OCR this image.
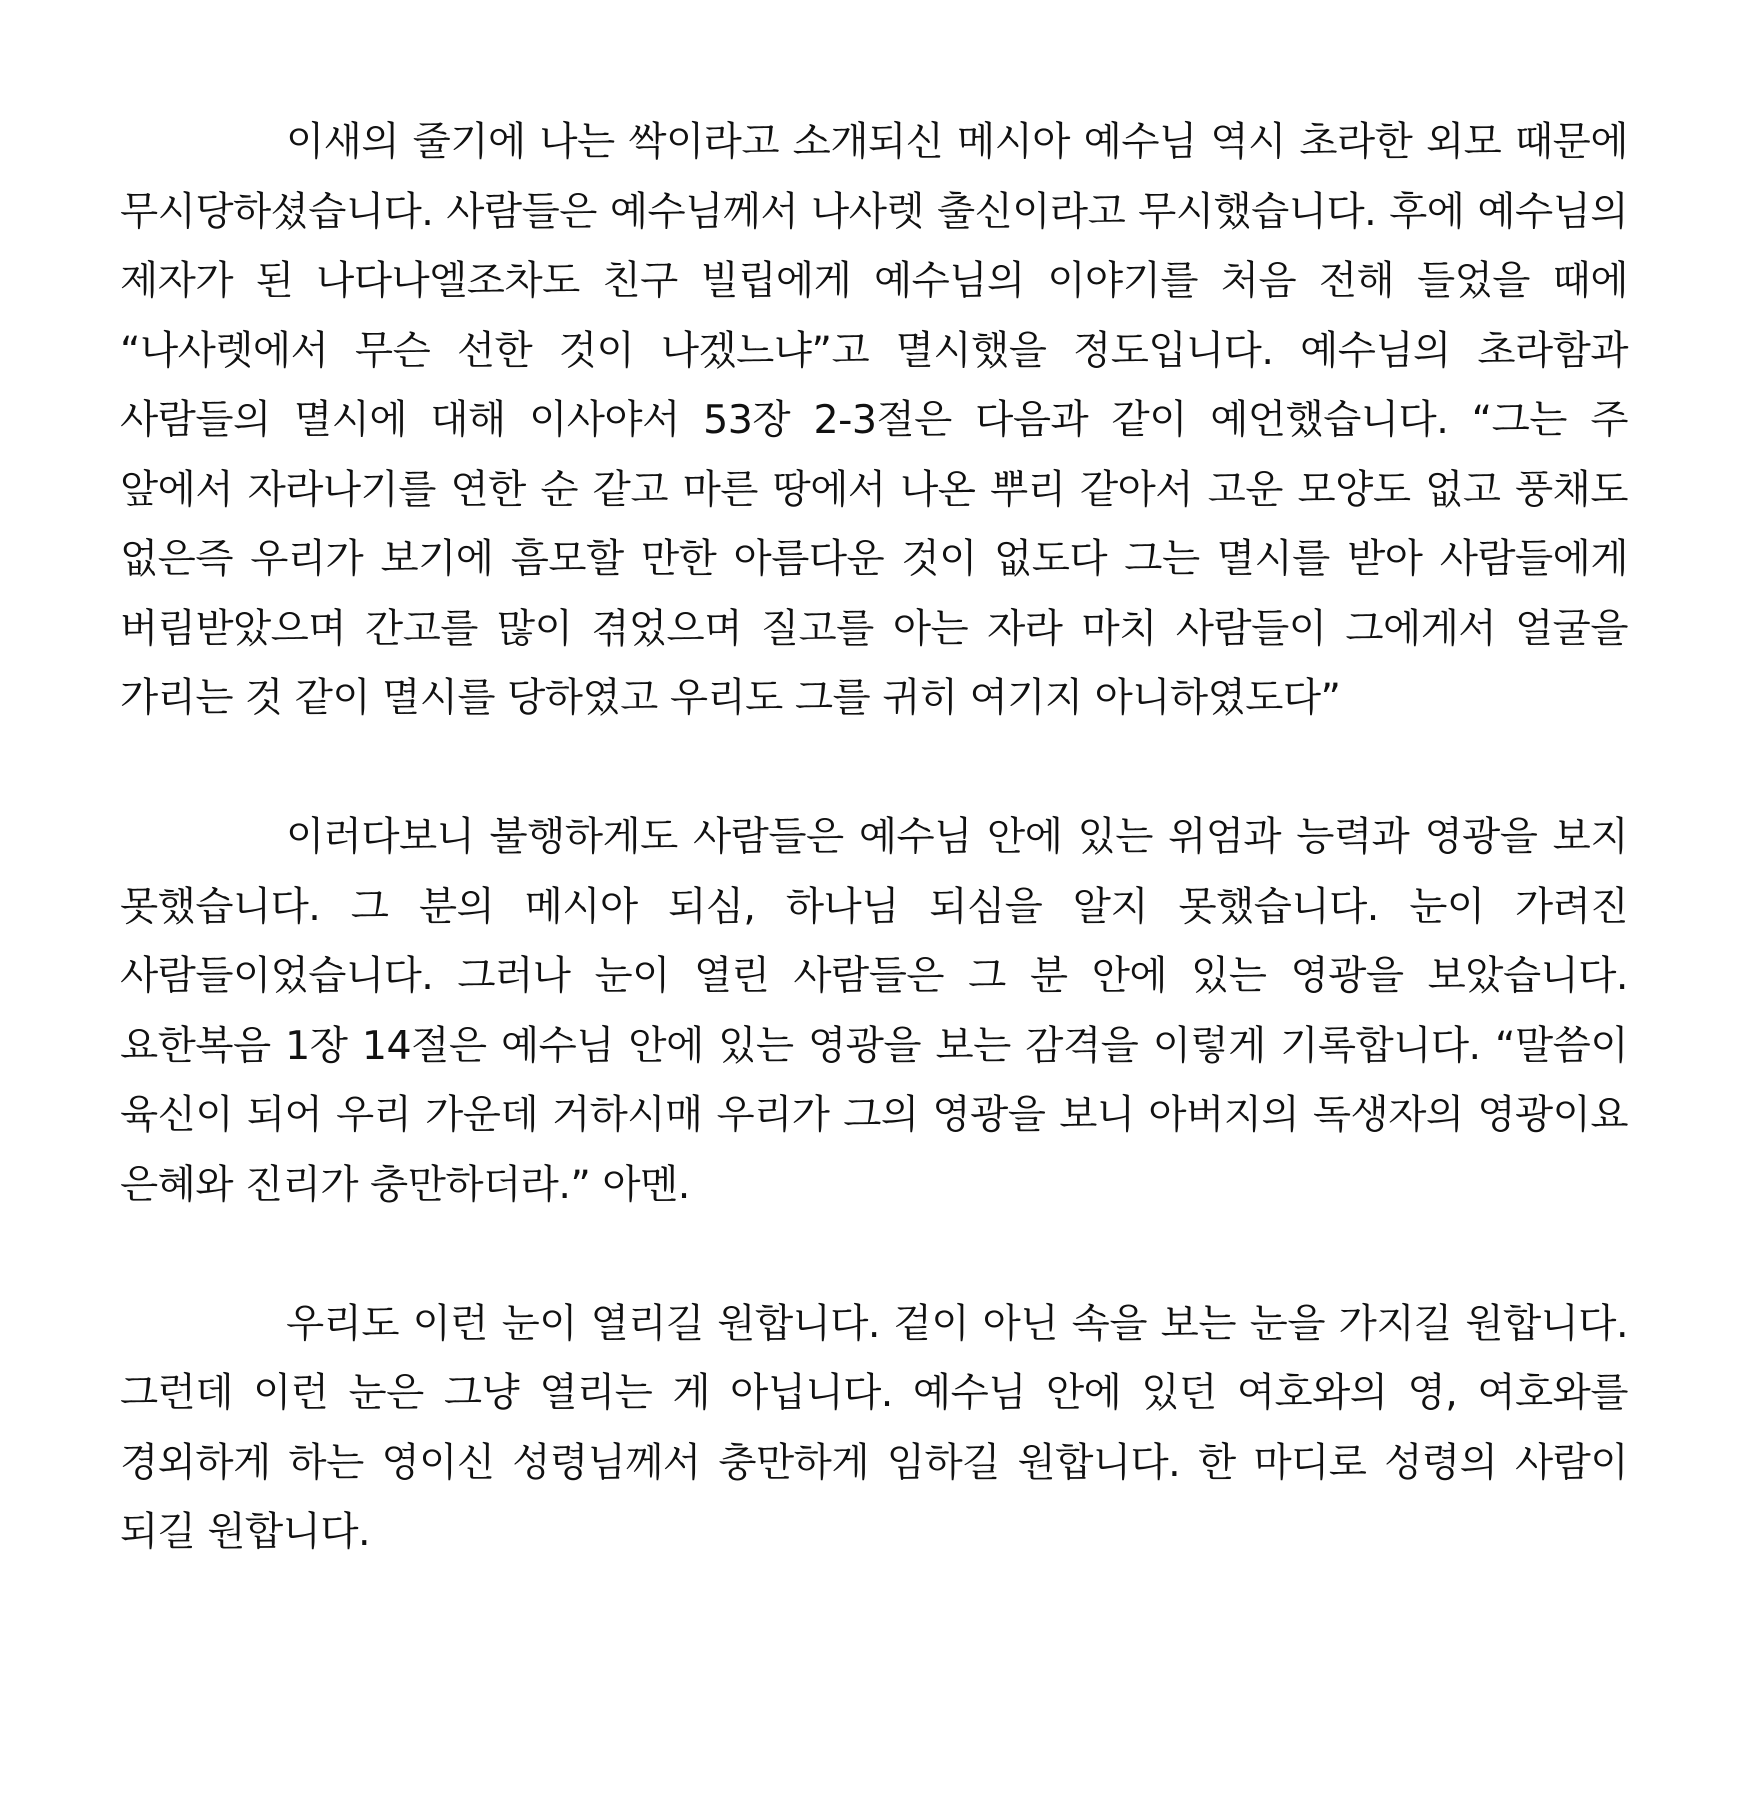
이새의 줄기에 나는 싹이라고 소개되신 메시아 예수님 역시 초라한 외모 때문에 무시당하셨습니다. 사람들은 예수님께서 나사렛 출신이라고 무시했습니다. 후에 예수님의 제자가 된 나다나엘조차도 친구 빌립에게 예수님의 이야기를 처음 전해 들었을 때에 “나사렛에서 무슨 선한 것이 나겠느냐”고 멸시했을 정도입니다. 예수님의 초라함과 사람들의 멸시에 대해 이사야서 53장 2-3절은 다음과 같이 예언했습니다. “그는 주 앞에서 자라나기를 연한 순 같고 마른 땅에서 나온 뿌리 같아서 고운 모양도 없고 풍채도 없은즉 우리가 보기에 흠모할 만한 아름다운 것이 없도다 그는 멸시를 받아 사람들에게 버림받았으며 간고를 많이 겪었으며 질고를 아는 자라 마치 사람들이 그에게서 얼굴을 가리는 것 같이 멸시를 당하였고 우리도 그를 귀히 여기지 아니하였도다”

이러다보니 불행하게도 사람들은 예수님 안에 있는 위엄과 능력과 영광을 보지 못했습니다. 그 분의 메시아 되심, 하나님 되심을 알지 못했습니다. 눈이 가려진 사람들이었습니다. 그러나 눈이 열린 사람들은 그 분 안에 있는 영광을 보았습니다. 요한복음 1장 14절은 예수님 안에 있는 영광을 보는 감격을 이렇게 기록합니다. “말씀이 육신이 되어 우리 가운데 거하시매 우리가 그의 영광을 보니 아버지의 독생자의 영광이요 은혜와 진리가 충만하더라.” 아멘.

우리도 이런 눈이 열리길 원합니다. 겉이 아닌 속을 보는 눈을 가지길 원합니다. 그런데 이런 눈은 그냥 열리는 게 아닙니다. 예수님 안에 있던 여호와의 영, 여호와를 경외하게 하는 영이신 성령님께서 충만하게 임하길 원합니다. 한 마디로 성령의 사람이 되길 원합니다.
